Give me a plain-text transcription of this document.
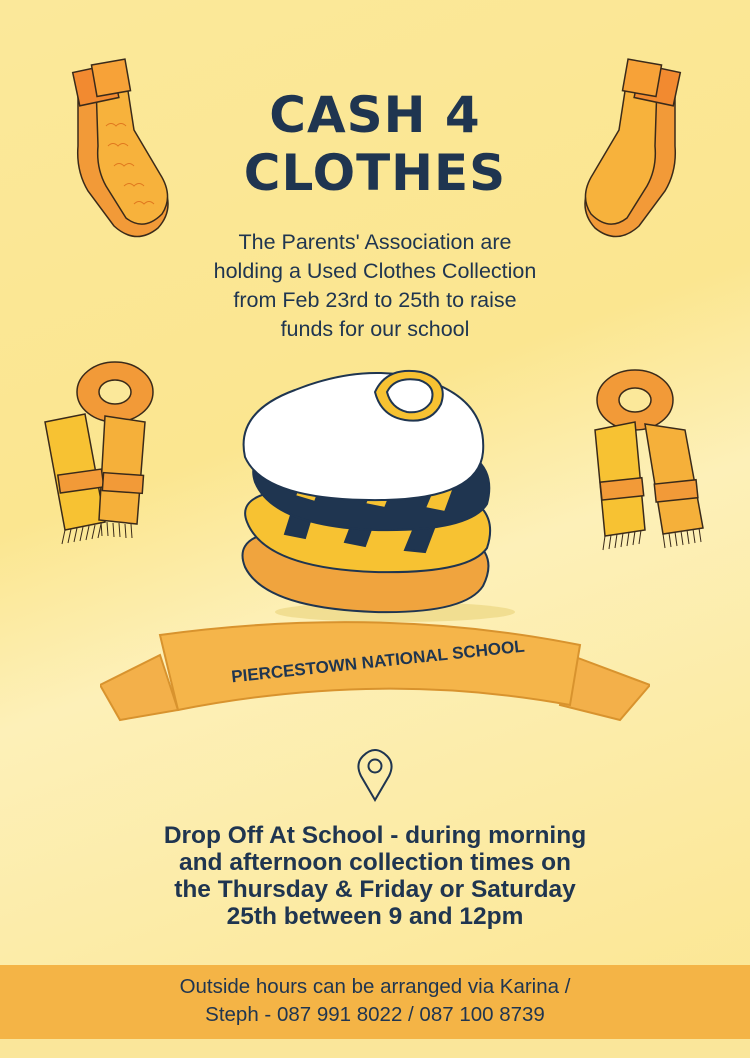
PIERCESTOWN NATIONAL SCHOOL
CASH 4
CLOTHES
The Parents' Association are
holding a Used Clothes Collection
from Feb 23rd to 25th to raise
funds for our school
Drop Off At School - during morning
and afternoon collection times on
the Thursday & Friday or Saturday
25th between 9 and 12pm
Outside hours can be arranged via Karina /
Steph - 087 991 8022 / 087 100 8739
